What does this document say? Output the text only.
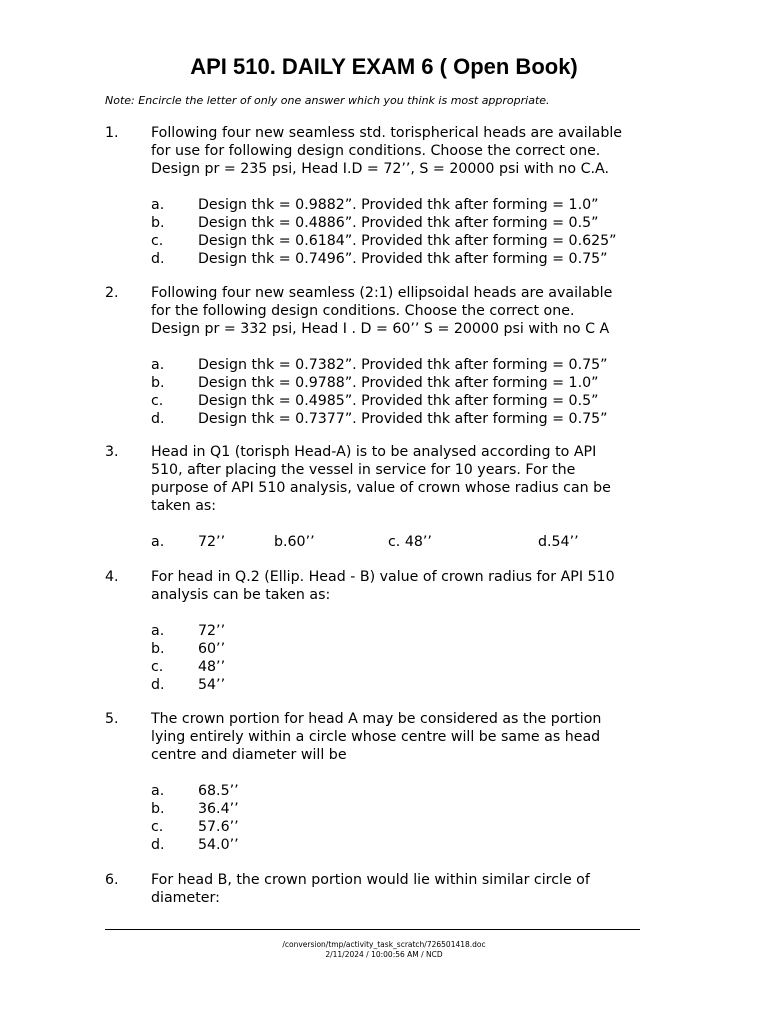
API 510. DAILY EXAM 6 ( Open Book)
Note: Encircle the letter of only one answer which you think is most appropriate.
1. Following four new seamless std. torispherical heads are available
for use for following design conditions. Choose the correct one.
Design pr = 235 psi, Head I.D = 72’’, S = 20000 psi with no C.A.
a. Design thk = 0.9882”. Provided thk after forming = 1.0”
b. Design thk = 0.4886”. Provided thk after forming = 0.5”
c. Design thk = 0.6184”. Provided thk after forming = 0.625”
d. Design thk = 0.7496”. Provided thk after forming = 0.75”
2. Following four new seamless (2:1) ellipsoidal heads are available
for the following design conditions. Choose the correct one.
Design pr = 332 psi, Head I . D = 60’’ S = 20000 psi with no C A
a. Design thk = 0.7382”. Provided thk after forming = 0.75”
b. Design thk = 0.9788”. Provided thk after forming = 1.0”
c. Design thk = 0.4985”. Provided thk after forming = 0.5”
d. Design thk = 0.7377”. Provided thk after forming = 0.75”
3. Head in Q1 (torisph Head-A) is to be analysed according to API
510, after placing the vessel in service for 10 years. For the
purpose of API 510 analysis, value of crown whose radius can be
taken as:
a. 72’’	b.60’’	c. 48’’	d.54’’
4. For head in Q.2 (Ellip. Head - B) value of crown radius for API 510
analysis can be taken as:
a. 72’’
b. 60’’
c. 48’’
d. 54’’
5. The crown portion for head A may be considered as the portion
lying entirely within a circle whose centre will be same as head
centre and diameter will be
a. 68.5’’
b. 36.4’’
c. 57.6’’
d. 54.0’’
6. For head B, the crown portion would lie within similar circle of
diameter:
/conversion/tmp/activity_task_scratch/726501418.doc
2/11/2024 / 10:00:56 AM / NCD
